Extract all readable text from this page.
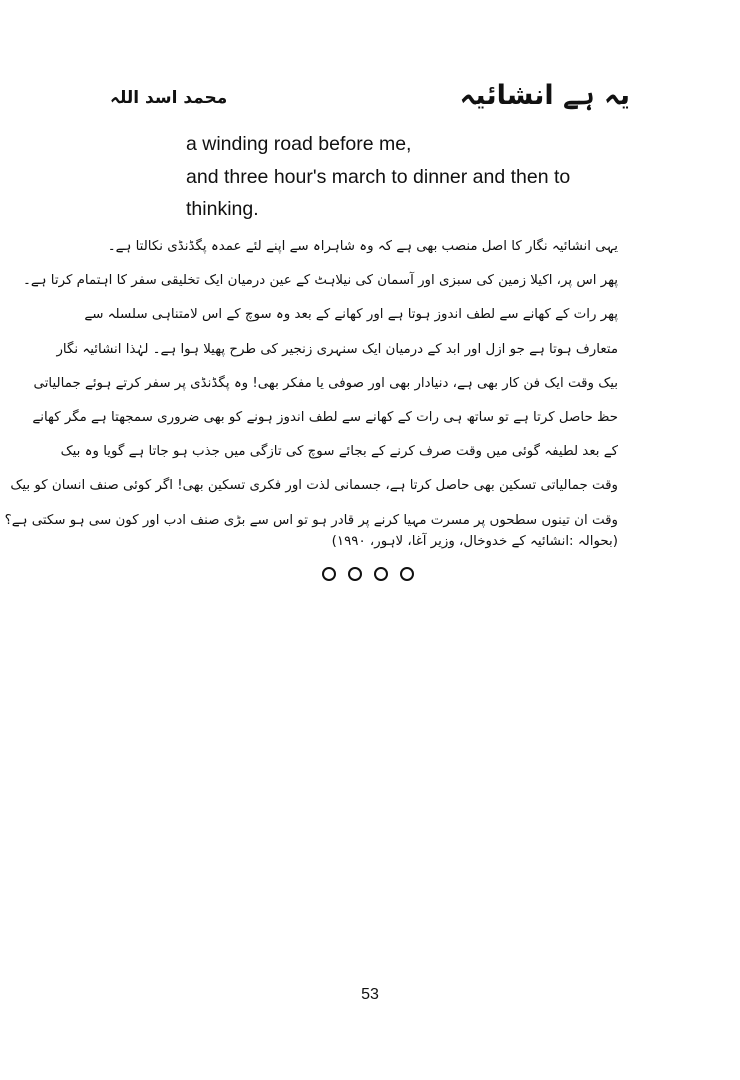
یہ ہے انشائیہ
محمد اسد اللہ
a winding road before me,
and three hour's march to dinner and then to
thinking.
یہی انشائیہ نگار کا اصل منصب بھی ہے کہ وہ شاہراہ سے اپنے لئے عمدہ پگڈنڈی نکالتا ہے۔
پھر اس پر، اکیلا زمین کی سبزی اور آسمان کی نیلاہٹ کے عین درمیان ایک تخلیقی سفر کا اہتمام کرتا ہے۔
پھر رات کے کھانے سے لطف اندوز ہوتا ہے اور کھانے کے بعد وہ سوچ کے اس لامتناہی سلسلہ سے
متعارف ہوتا ہے جو ازل اور ابد کے درمیان ایک سنہری زنجیر کی طرح پھیلا ہوا ہے۔ لہٰذا انشائیہ نگار
بیک وقت ایک فن کار بھی ہے، دنیادار بھی اور صوفی یا مفکر بھی! وہ پگڈنڈی پر سفر کرتے ہوئے جمالیاتی
حظ حاصل کرتا ہے تو ساتھ ہی رات کے کھانے سے لطف اندوز ہونے کو بھی ضروری سمجھتا ہے مگر کھانے
کے بعد لطیفہ گوئی میں وقت صرف کرنے کے بجائے سوچ کی تازگی میں جذب ہو جاتا ہے گویا وہ بیک
وقت جمالیاتی تسکین بھی حاصل کرتا ہے، جسمانی لذت اور فکری تسکین بھی! اگر کوئی صنف انسان کو بیک
وقت ان تینوں سطحوں پر مسرت مہیا کرنے پر قادر ہو تو اس سے بڑی صنف ادب اور کون سی ہو سکتی ہے؟
(بحوالہ :انشائیہ کے خدوخال، وزیر آغا، لاہور، ۱۹۹۰)
53
